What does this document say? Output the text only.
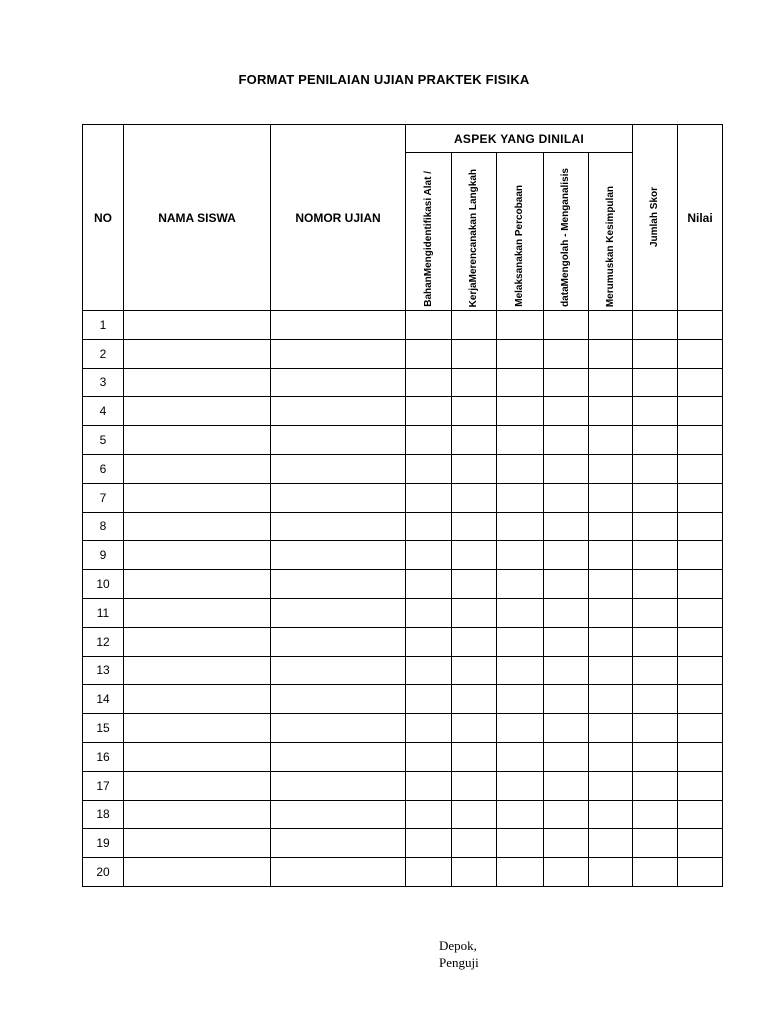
FORMAT PENILAIAN UJIAN PRAKTEK FISIKA
NO	NAMA SISWA	NOMOR UJIAN	ASPEK YANG DINILAI					Jumlah Skor	Nilai

			BahanMengidentifikasi Alat /	KerjaMerencanakan Langkah	Melaksanakan Percobaan	dataMengolah - Menganalisis	Merumuskan Kesimpulan		

1									
2									
3									
4									
5									
6									
7									
8									
9									
10									
11									
12									
13									
14									
15									
16									
17									
18									
19									
20									
Depok,
Penguji
